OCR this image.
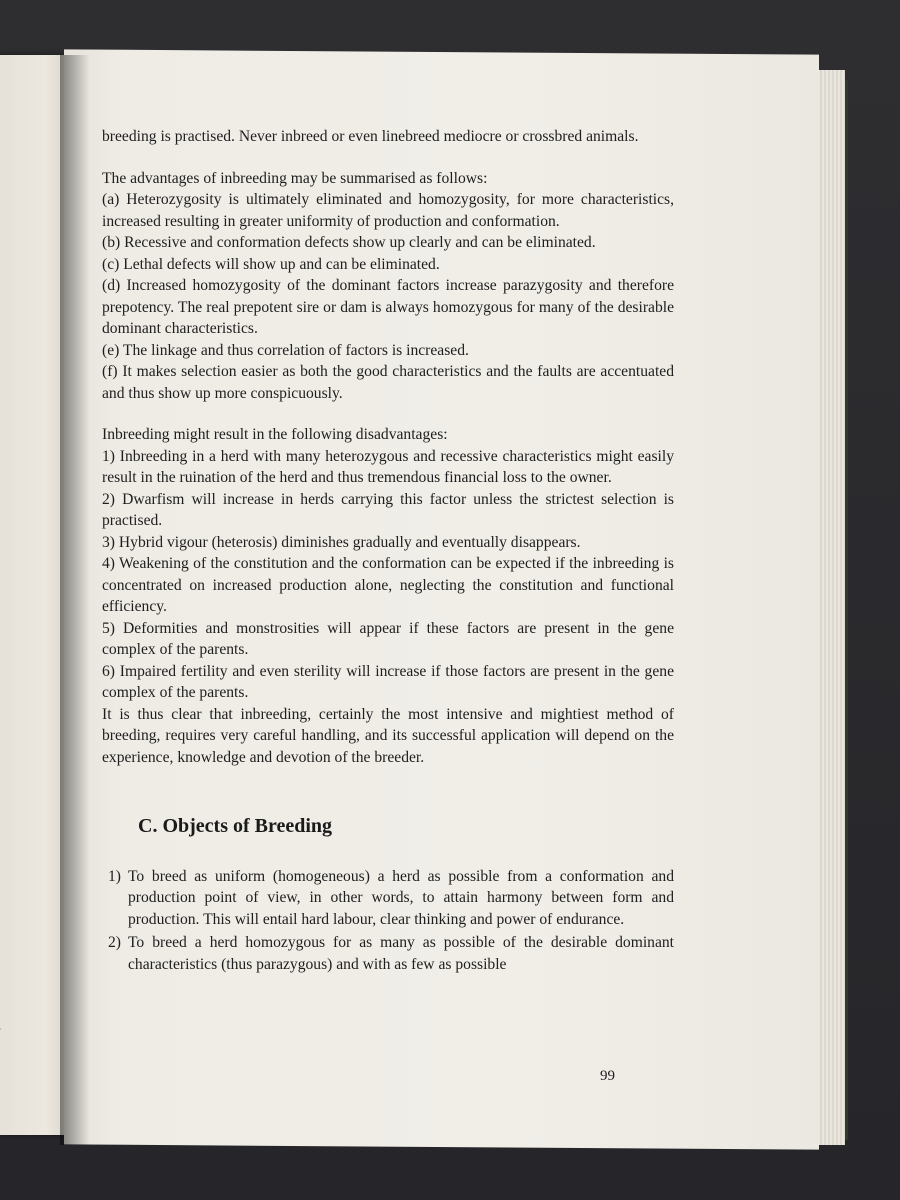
breeding is practised. Never inbreed or even linebreed mediocre or crossbred animals.

The advantages of inbreeding may be summarised as follows:

(a) Heterozygosity is ultimately eliminated and homozygosity, for more characteristics, increased resulting in greater uniformity of production and conformation.

(b) Recessive and conformation defects show up clearly and can be eliminated.

(c) Lethal defects will show up and can be eliminated.

(d) Increased homozygosity of the dominant factors increase parazygosity and therefore prepotency. The real prepotent sire or dam is always homozygous for many of the desirable dominant characteristics.

(e) The linkage and thus correlation of factors is increased.

(f) It makes selection easier as both the good characteristics and the faults are accentuated and thus show up more conspicuously.

Inbreeding might result in the following disadvantages:

1) Inbreeding in a herd with many heterozygous and recessive characteristics might easily result in the ruination of the herd and thus tremendous financial loss to the owner.

2) Dwarfism will increase in herds carrying this factor unless the strictest selection is practised.

3) Hybrid vigour (heterosis) diminishes gradually and eventually disappears.

4) Weakening of the constitution and the conformation can be expected if the inbreeding is concentrated on increased production alone, neglecting the constitution and functional efficiency.

5) Deformities and monstrosities will appear if these factors are present in the gene complex of the parents.

6) Impaired fertility and even sterility will increase if those factors are present in the gene complex of the parents.

It is thus clear that inbreeding, certainly the most intensive and mightiest method of breeding, requires very careful handling, and its successful application will depend on the experience, knowledge and devotion of the breeder.

C. Objects of Breeding
1) To breed as uniform (homogeneous) a herd as possible from a conformation and production point of view, in other words, to attain harmony between form and production. This will entail hard labour, clear thinking and power of endurance.
2) To breed a herd homozygous for as many as possible of the desirable dominant characteristics (thus parazygous) and with as few as possible
99
